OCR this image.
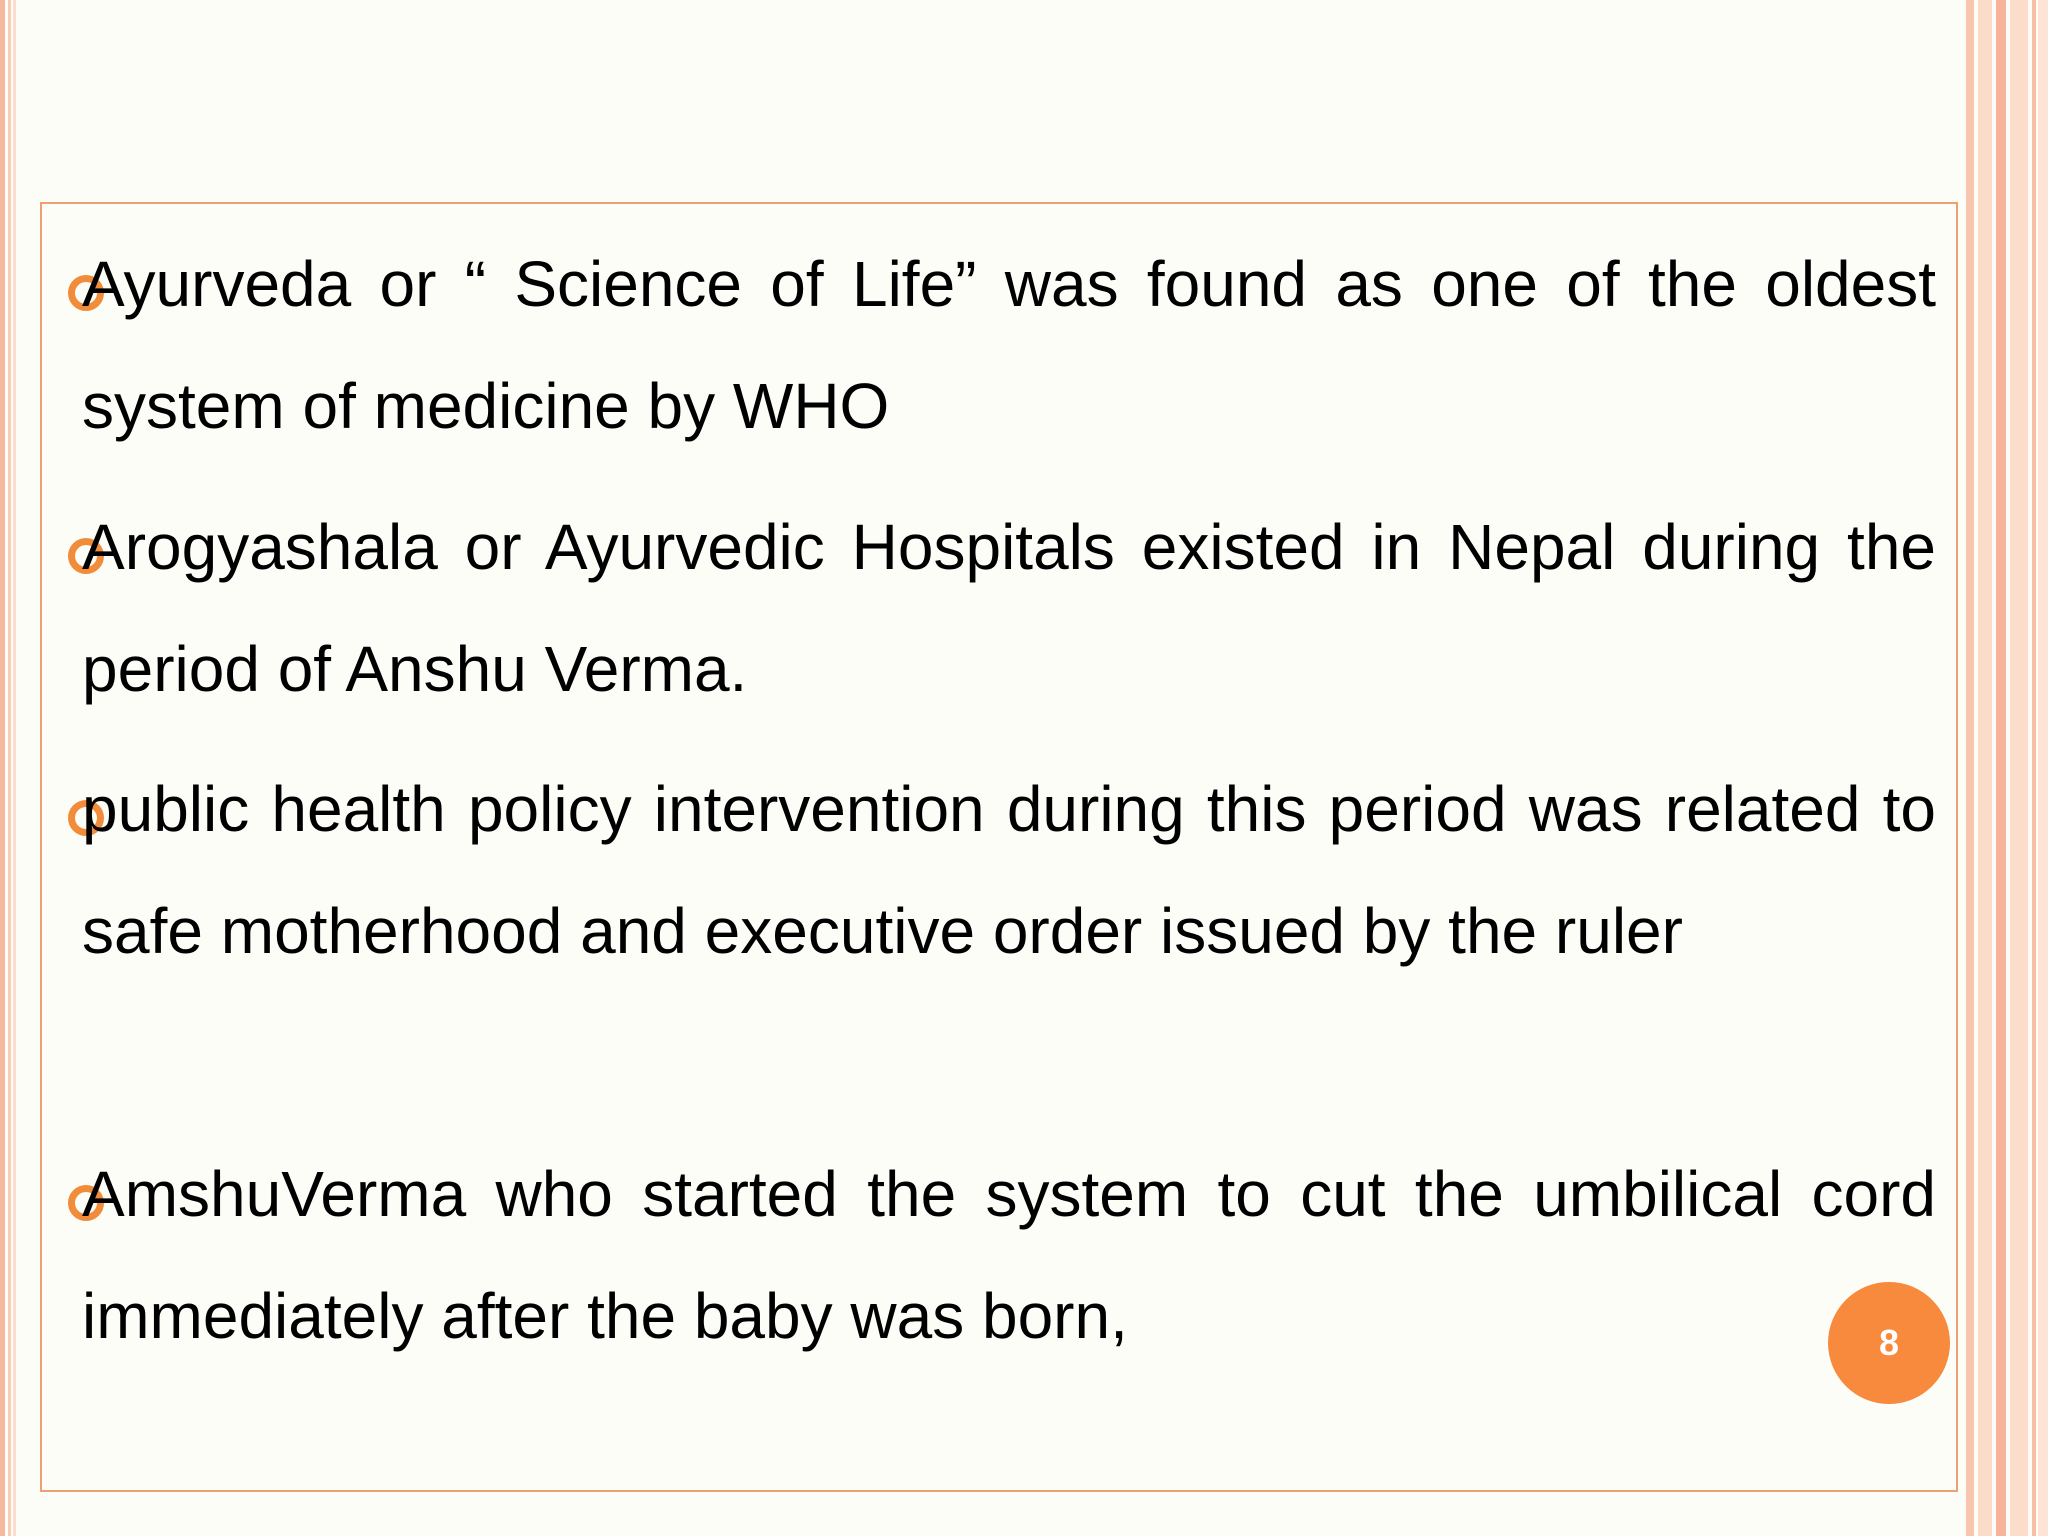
Ayurveda or “ Science of Life” was found as one of the oldest system of medicine by WHO
Arogyashala or Ayurvedic Hospitals existed in Nepal during the period of Anshu Verma.
public health policy intervention during this period was related to safe motherhood and executive order issued by the ruler
AmshuVerma who started the system to cut the umbilical cord immediately after the baby was born,	8
